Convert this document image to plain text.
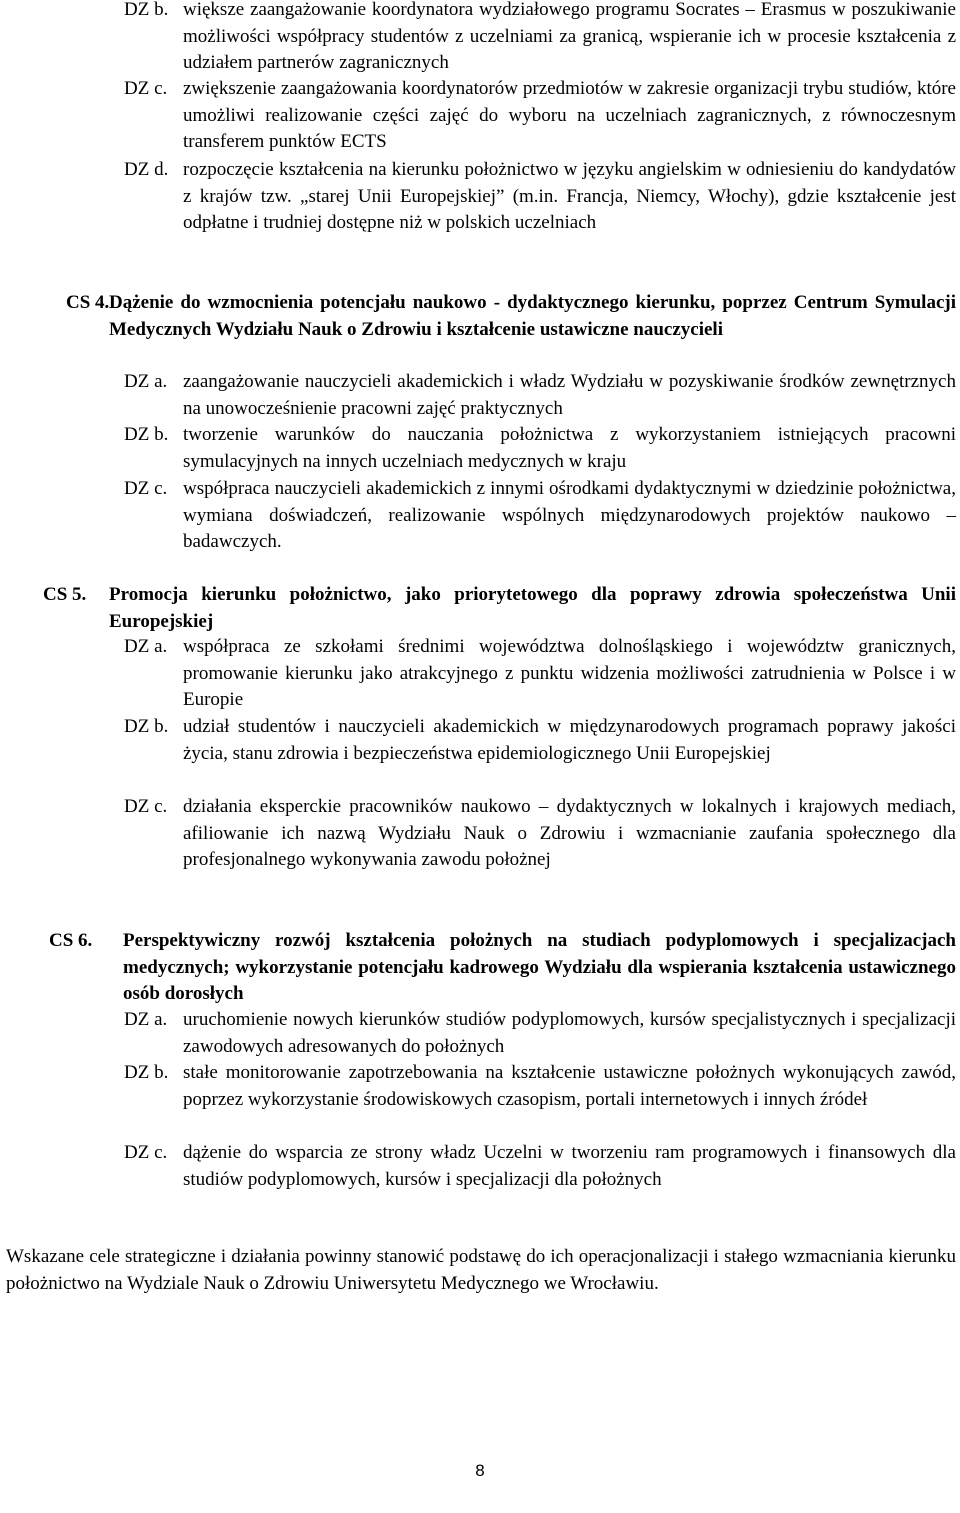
DZ b. większe zaangażowanie koordynatora wydziałowego programu Socrates – Erasmus w poszukiwanie możliwości współpracy studentów z uczelniami za granicą, wspieranie ich w procesie kształcenia z udziałem partnerów zagranicznych
DZ c. zwiększenie zaangażowania koordynatorów przedmiotów w zakresie organizacji trybu studiów, które umożliwi realizowanie części zajęć do wyboru na uczelniach zagranicznych, z równoczesnym transferem punktów ECTS
DZ d. rozpoczęcie kształcenia na kierunku położnictwo w języku angielskim w odniesieniu do kandydatów z krajów tzw. „starej Unii Europejskiej” (m.in. Francja, Niemcy, Włochy), gdzie kształcenie jest odpłatne i trudniej dostępne niż w polskich uczelniach
CS 4. Dążenie do wzmocnienia potencjału naukowo - dydaktycznego kierunku, poprzez Centrum Symulacji Medycznych Wydziału Nauk o Zdrowiu i kształcenie ustawiczne nauczycieli
DZ a. zaangażowanie nauczycieli akademickich i władz Wydziału w pozyskiwanie środków zewnętrznych na unowocześnienie pracowni zajęć praktycznych
DZ b. tworzenie warunków do nauczania położnictwa z wykorzystaniem istniejących pracowni symulacyjnych na innych uczelniach medycznych w kraju
DZ c. współpraca nauczycieli akademickich z innymi ośrodkami dydaktycznymi w dziedzinie położnictwa, wymiana doświadczeń, realizowanie wspólnych międzynarodowych projektów naukowo – badawczych.
CS 5.	Promocja kierunku położnictwo, jako priorytetowego dla poprawy zdrowia społeczeństwa Unii Europejskiej
DZ a. współpraca ze szkołami średnimi województwa dolnośląskiego i województw granicznych, promowanie kierunku jako atrakcyjnego z punktu widzenia możliwości zatrudnienia w Polsce i w Europie
DZ b. udział studentów i nauczycieli akademickich w międzynarodowych programach poprawy jakości życia, stanu zdrowia i bezpieczeństwa epidemiologicznego Unii Europejskiej
DZ c. działania eksperckie pracowników naukowo – dydaktycznych w lokalnych i krajowych mediach, afiliowanie ich nazwą Wydziału Nauk o Zdrowiu i wzmacnianie zaufania społecznego dla profesjonalnego wykonywania zawodu położnej
CS 6.	Perspektywiczny rozwój kształcenia położnych na studiach podyplomowych i specjalizacjach medycznych; wykorzystanie potencjału kadrowego Wydziału dla wspierania kształcenia ustawicznego osób dorosłych
DZ a. uruchomienie nowych kierunków studiów podyplomowych, kursów specjalistycznych i specjalizacji zawodowych adresowanych do położnych
DZ b. stałe monitorowanie zapotrzebowania na kształcenie ustawiczne położnych wykonujących zawód, poprzez wykorzystanie środowiskowych czasopism, portali internetowych i innych źródeł
DZ c. dążenie do wsparcia ze strony władz Uczelni w tworzeniu ram programowych i finansowych dla studiów podyplomowych, kursów i specjalizacji dla położnych
Wskazane cele strategiczne i działania powinny stanowić podstawę do ich operacjonalizacji i stałego wzmacniania kierunku położnictwo na Wydziale Nauk o Zdrowiu Uniwersytetu Medycznego we Wrocławiu.
8
